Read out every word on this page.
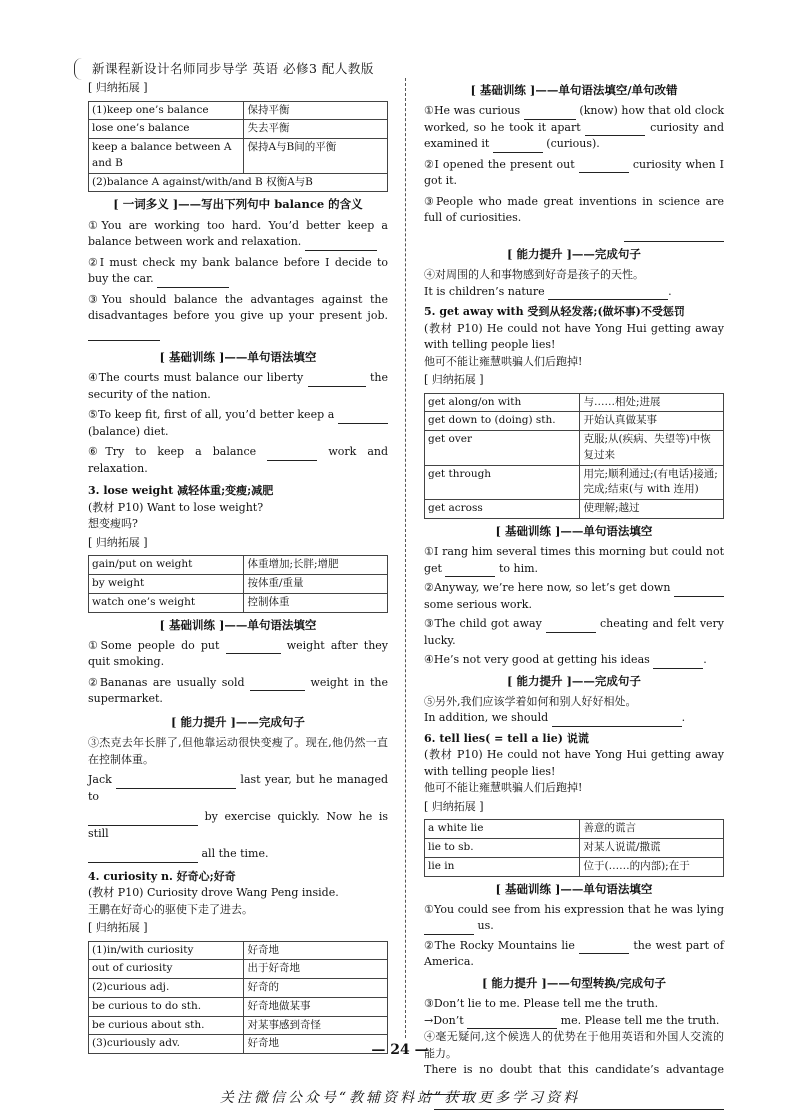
新课程新设计名师同步导学 英语 必修3 配人教版
[ 归纳拓展 ]
(1)keep one’s balance	保持平衡
lose one’s balance	失去平衡
keep a balance between A and B	保持A与B间的平衡
(2)balance A against/with/and B 权衡A与B	
[ 一词多义 ]——写出下列句中 balance 的含义

①You are working too hard. You’d better keep a balance between work and relaxation.

②I must check my bank balance before I decide to buy the car.

③You should balance the advantages against the disadvantages before you give up your present job.

[ 基础训练 ]——单句语法填空

④The courts must balance our liberty	the security of the nation.

⑤To keep fit, first of all, you’d better keep a  (balance) diet.

⑥Try to keep a balance	work and relaxation.

3. lose weight 减轻体重;变瘦;减肥

(教材 P10) Want to lose weight?

想变瘦吗?

[ 归纳拓展 ]
gain/put on weight	体重增加;长胖;增肥
by weight	按体重/重量
watch one’s weight	控制体重
[ 基础训练 ]——单句语法填空

①Some people do put	weight after they quit smoking.

②Bananas are usually sold	weight in the supermarket.

[ 能力提升 ]——完成句子

③杰克去年长胖了,但他靠运动很快变瘦了。现在,他仍然一直在控制体重。

Jack	last year, but he managed to

by exercise quickly. Now he is still

all the time.

4. curiosity n. 好奇心;好奇

(教材 P10) Curiosity drove Wang Peng inside.

王鹏在好奇心的驱使下走了进去。

[ 归纳拓展 ]
(1)in/with curiosity	好奇地
out of curiosity	出于好奇地
(2)curious adj.	好奇的
be curious to do sth.	好奇地做某事
be curious about sth.	对某事感到奇怪
(3)curiously adv.	好奇地
[ 基础训练 ]——单句语法填空/单句改错

①He was curious	(know) how that old clock worked, so he took it apart	curiosity and examined it	(curious).

②I opened the present out	curiosity when I got it.

③People who made great inventions in science are full of curiosities.

[ 能力提升 ]——完成句子

④对周围的人和事物感到好奇是孩子的天性。

It is children’s nature	.

5. get away with 受到从轻发落;(做坏事)不受惩罚

(教材 P10) He could not have Yong Hui getting away with telling people lies!

他可不能让雍慧哄骗人们后跑掉!

[ 归纳拓展 ]
get along/on with	与……相处;进展
get down to (doing) sth.	开始认真做某事
get over	克服;从(疾病、失望等)中恢复过来
get through	用完;顺利通过;(有电话)接通;完成;结束(与 with 连用)
get across	使理解;越过
[ 基础训练 ]——单句语法填空

①I rang him several times this morning but could not get	to him.

②Anyway, we’re here now, so let’s get down  some serious work.

③The child got away	cheating and felt very lucky.

④He’s not very good at getting his ideas	.

[ 能力提升 ]——完成句子

⑤另外,我们应该学着如何和别人好好相处。

In addition, we should	.

6. tell lies( = tell a lie) 说谎

(教材 P10) He could not have Yong Hui getting away with telling people lies!

他可不能让雍慧哄骗人们后跑掉!

[ 归纳拓展 ]
a white lie	善意的谎言
lie to sb.	对某人说谎/撒谎
lie in	位于(……的内部);在于
[ 基础训练 ]——单句语法填空

①You could see from his expression that he was lying  us.

②The Rocky Mountains lie	the west part of America.

[ 能力提升 ]——句型转换/完成句子

③Don’t lie to me. Please tell me the truth.

→Don’t	me. Please tell me the truth.

④毫无疑问,这个候选人的优势在于他用英语和外国人交流的能力。

There is no doubt that this candidate’s advantage

— 24 —
关注微信公众号“教辅资料站”获取更多学习资料
